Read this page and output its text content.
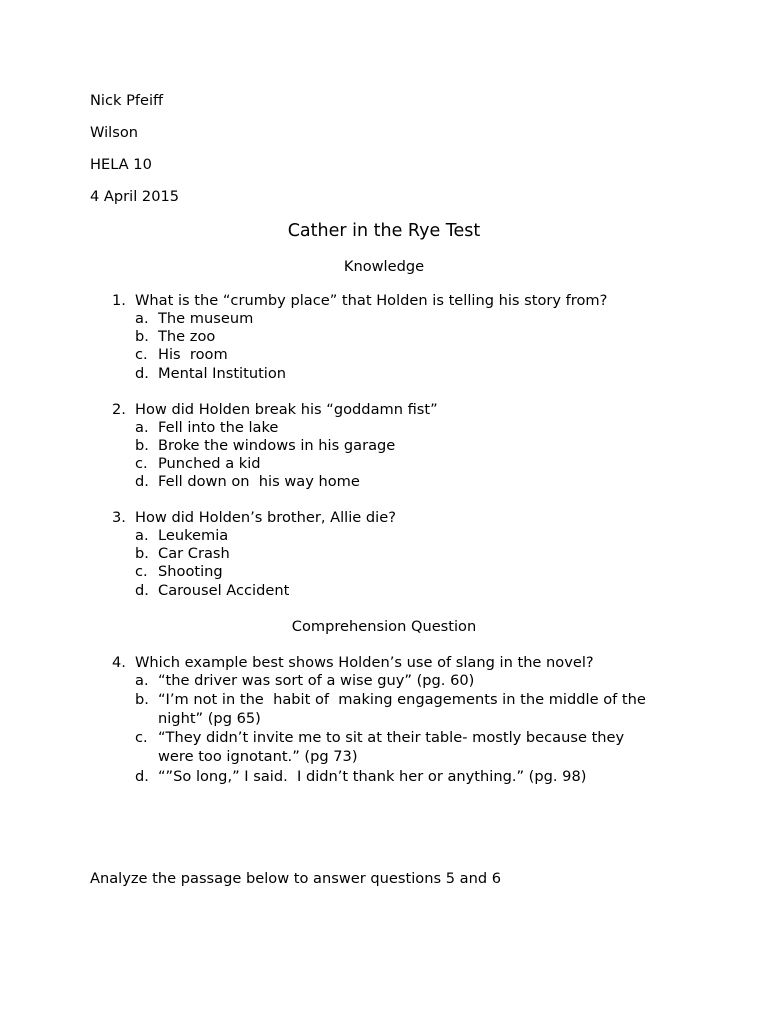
Nick Pfeiff
Wilson
HELA 10
4 April 2015
Cather in the Rye Test
Knowledge
1. What is the “crumby place” that Holden is telling his story from?
a. The museum
b. The zoo
c. His  room
d. Mental Institution
2. How did Holden break his “goddamn fist”
a. Fell into the lake
b. Broke the windows in his garage
c. Punched a kid
d. Fell down on  his way home
3. How did Holden’s brother, Allie die?
a. Leukemia
b. Car Crash
c. Shooting
d. Carousel Accident
Comprehension Question
4. Which example best shows Holden’s use of slang in the novel?
a. “the driver was sort of a wise guy” (pg. 60)
b. “I’m not in the  habit of  making engagements in the middle of the
night” (pg 65)
c. “They didn’t invite me to sit at their table- mostly because they
were too ignotant.” (pg 73)
d. “”So long,” I said.  I didn’t thank her or anything.” (pg. 98)
Analyze the passage below to answer questions 5 and 6
